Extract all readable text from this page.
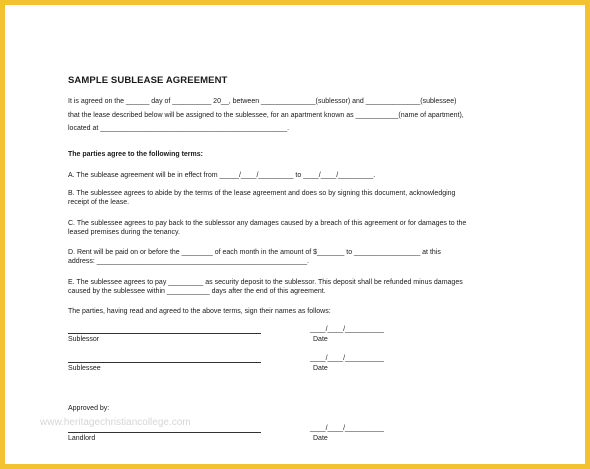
SAMPLE SUBLEASE AGREEMENT
It is agreed on the ______ day of __________ 20__, between ______________(sublessor) and ______________(sublessee)
that the lease described below will be assigned to the sublessee, for an apartment known as ___________(name of apartment),
located at ________________________________________________.
The parties agree to the following terms:
A. The sublease agreement will be in effect from _____/____/_________ to ____/____/_________.
B. The sublessee agrees to abide by the terms of the lease agreement and does so by signing this document, acknowledging
receipt of the lease.
C. The sublessee agrees to pay back to the sublessor any damages caused by a breach of this agreement or for damages to the
leased premises during the tenancy.
D. Rent will be paid on or before the ________ of each month in the amount of $_______ to _________________ at this
address: ______________________________________________________.
E. The sublessee agrees to pay _________ as security deposit to the sublessor. This deposit shall be refunded minus damages
caused by the sublessee within ___________ days after the end of this agreement.
The parties, having read and agreed to the above terms, sign their names as follows:
____/____/__________
Sublessor	Date
____/____/__________
Sublessee	Date
Approved by:
____/____/__________
Landlord	Date
www.heritagechristiancollege.com
